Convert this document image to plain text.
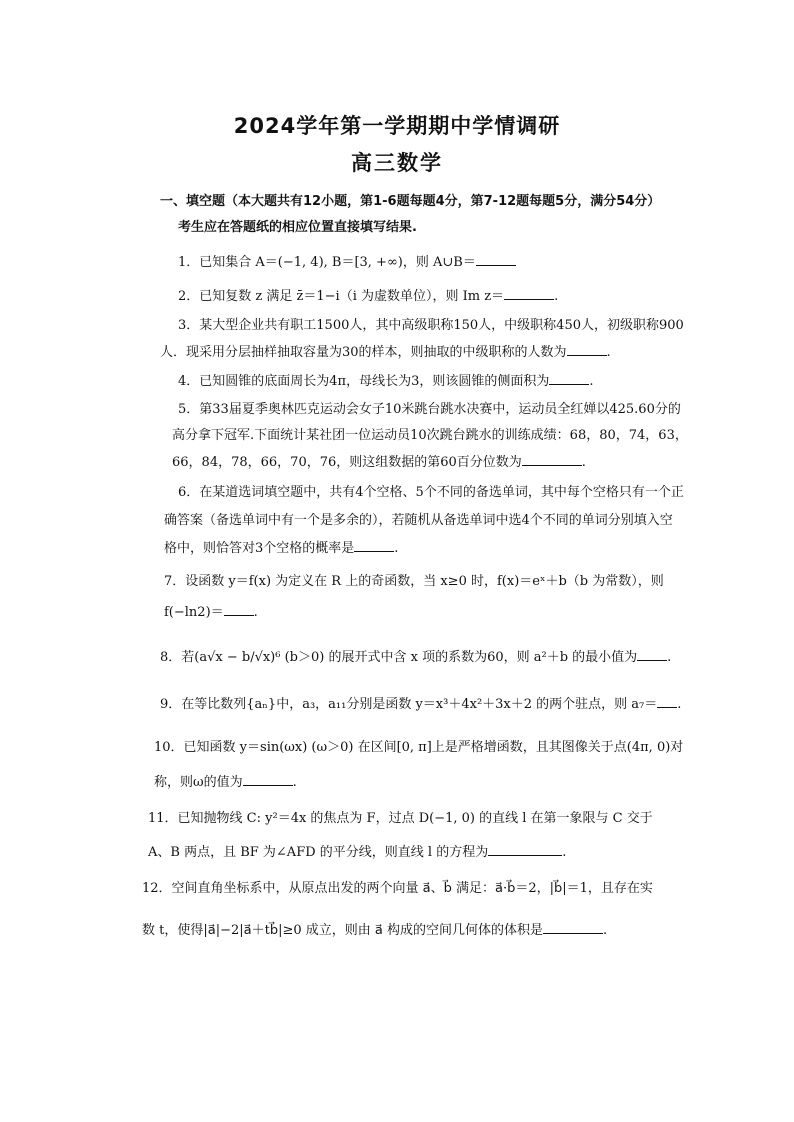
2024学年第一学期期中学情调研
高三数学
一、填空题（本大题共有12小题，第1-6题每题4分，第7-12题每题5分，满分54分）
考生应在答题纸的相应位置直接填写结果.
1．已知集合 A＝(−1, 4), B＝[3, +∞)，则 A∪B＝
2．已知复数 z 满足 z̄＝1−i（i 为虚数单位），则 Im z＝	.
3．某大型企业共有职工1500人，其中高级职称150人，中级职称450人，初级职称900
人．现采用分层抽样抽取容量为30的样本，则抽取的中级职称的人数为	.
4．已知圆锥的底面周长为4π，母线长为3，则该圆锥的侧面积为	.
5．第33届夏季奥林匹克运动会女子10米跳台跳水决赛中，运动员全红婵以425.60分的
高分拿下冠军.下面统计某社团一位运动员10次跳台跳水的训练成绩：68，80，74，63，
66，84，78，66，70，76，则这组数据的第60百分位数为	.
6．在某道选词填空题中，共有4个空格、5个不同的备选单词，其中每个空格只有一个正
确答案（备选单词中有一个是多余的），若随机从备选单词中选4个不同的单词分别填入空
格中，则恰答对3个空格的概率是	.
7．设函数 y＝f(x) 为定义在 R 上的奇函数，当 x≥0 时，f(x)＝eˣ＋b（b 为常数），则
f(−ln2)＝ .
8．若(a√x − b/√x)⁶ (b＞0) 的展开式中含 x 项的系数为60，则 a²＋b 的最小值为 .
9．在等比数列{aₙ}中，a₃，a₁₁分别是函数 y＝x³＋4x²＋3x＋2 的两个驻点，则 a₇＝ .
10．已知函数 y＝sin(ωx) (ω＞0) 在区间[0, π]上是严格增函数，且其图像关于点(4π, 0)对
称，则ω的值为	.
11．已知抛物线 C: y²＝4x 的焦点为 F，过点 D(−1, 0) 的直线 l 在第一象限与 C 交于
A、B 两点，且 BF 为∠AFD 的平分线，则直线 l 的方程为	.
12．空间直角坐标系中，从原点出发的两个向量 a⃗、b⃗ 满足：a⃗·b⃗＝2，|b⃗|＝1，且存在实
数 t，使得|a⃗|−2|a⃗＋tb⃗|≥0 成立，则由 a⃗ 构成的空间几何体的体积是	.
